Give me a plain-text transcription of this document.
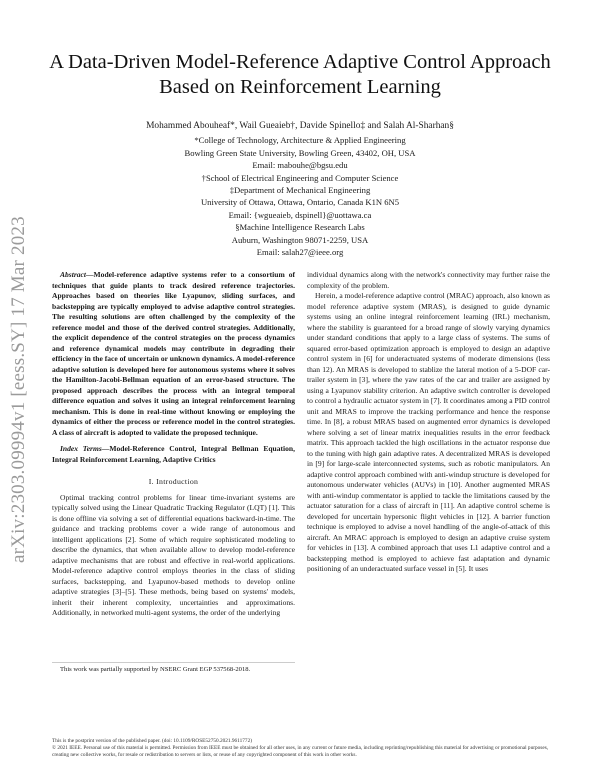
arXiv:2303.09994v1 [eess.SY] 17 Mar 2023
A Data-Driven Model-Reference Adaptive Control Approach Based on Reinforcement Learning
Mohammed Abouheaf*, Wail Gueaieb†, Davide Spinello‡ and Salah Al-Sharhan§
*College of Technology, Architecture & Applied Engineering
Bowling Green State University, Bowling Green, 43402, OH, USA
Email: mabouhe@bgsu.edu
†School of Electrical Engineering and Computer Science
‡Department of Mechanical Engineering
University of Ottawa, Ottawa, Ontario, Canada K1N 6N5
Email: {wgueaieb, dspinell}@uottawa.ca
§Machine Intelligence Research Labs
Auburn, Washington 98071-2259, USA
Email: salah27@ieee.org

Abstract—Model-reference adaptive systems refer to a consortium of techniques that guide plants to track desired reference trajectories. Approaches based on theories like Lyapunov, sliding surfaces, and backstepping are typically employed to advise adaptive control strategies. The resulting solutions are often challenged by the complexity of the reference model and those of the derived control strategies. Additionally, the explicit dependence of the control strategies on the process dynamics and reference dynamical models may contribute in degrading their efficiency in the face of uncertain or unknown dynamics. A model-reference adaptive solution is developed here for autonomous systems where it solves the Hamilton-Jacobi-Bellman equation of an error-based structure. The proposed approach describes the process with an integral temporal difference equation and solves it using an integral reinforcement learning mechanism. This is done in real-time without knowing or employing the dynamics of either the process or reference model in the control strategies. A class of aircraft is adopted to validate the proposed technique.

Index Terms—Model-Reference Control, Integral Bellman Equation, Integral Reinforcement Learning, Adaptive Critics

I. Introduction

Optimal tracking control problems for linear time-invariant systems are typically solved using the Linear Quadratic Tracking Regulator (LQT) [1]. This is done offline via solving a set of differential equations backward-in-time. The guidance and tracking problems cover a wide range of autonomous and intelligent applications [2]. Some of which require sophisticated modeling to describe the dynamics, that when available allow to develop model-reference adaptive mechanisms that are robust and effective in real-world applications. Model-reference adaptive control employs theories in the class of sliding surfaces, backstepping, and Lyapunov-based methods to develop online adaptive strategies [3]–[5]. These methods, being based on systems' models, inherit their inherent complexity, uncertainties and approximations. Additionally, in networked multi-agent systems, the order of the underlying

This work was partially supported by NSERC Grant EGP 537568-2018.

individual dynamics along with the network's connectivity may further raise the complexity of the problem.

Herein, a model-reference adaptive control (MRAC) approach, also known as model reference adaptive system (MRAS), is designed to guide dynamic systems using an online integral reinforcement learning (IRL) mechanism, where the stability is guaranteed for a broad range of slowly varying dynamics under standard conditions that apply to a large class of systems. The sums of squared error-based optimization approach is employed to design an adaptive control system in [6] for underactuated systems of moderate dimensions (less than 12). An MRAS is developed to stablize the lateral motion of a 5-DOF car-trailer system in [3], where the yaw rates of the car and trailer are assigned by using a Lyapunov stability criterion. An adaptive switch controller is developed to control a hydraulic actuator system in [7]. It coordinates among a PID control unit and MRAS to improve the tracking performance and hence the response time. In [8], a robust MRAS based on augmented error dynamics is developed where solving a set of linear matrix inequalities results in the error feedback matrix. This approach tackled the high oscillations in the actuator response due to the tuning with high gain adaptive rates. A decentralized MRAS is developed in [9] for large-scale interconnected systems, such as robotic manipulators. An adaptive control approach combined with anti-windup structure is developed for autonomous underwater vehicles (AUVs) in [10]. Another augmented MRAS with anti-windup commentator is applied to tackle the limitations caused by the actuator saturation for a class of aircraft in [11]. An adaptive control scheme is developed for uncertain hypersonic flight vehicles in [12]. A barrier function technique is employed to advise a novel handling of the angle-of-attack of this aircraft. An MRAC approach is employed to design an adaptive cruise system for vehicles in [13]. A combined approach that uses L1 adaptive control and a backstepping method is employed to achieve fast adaptation and dynamic positioning of an underactuated surface vessel in [5]. It uses

This is the postprint version of the published paper. (doi: 10.1109/ROSE52750.2021.9611772)
© 2021 IEEE. Personal use of this material is permitted. Permission from IEEE must be obtained for all other uses, in any current or future media, including reprinting/republishing this material for advertising or promotional purposes, creating new collective works, for resale or redistribution to servers or lists, or reuse of any copyrighted component of this work in other works.
